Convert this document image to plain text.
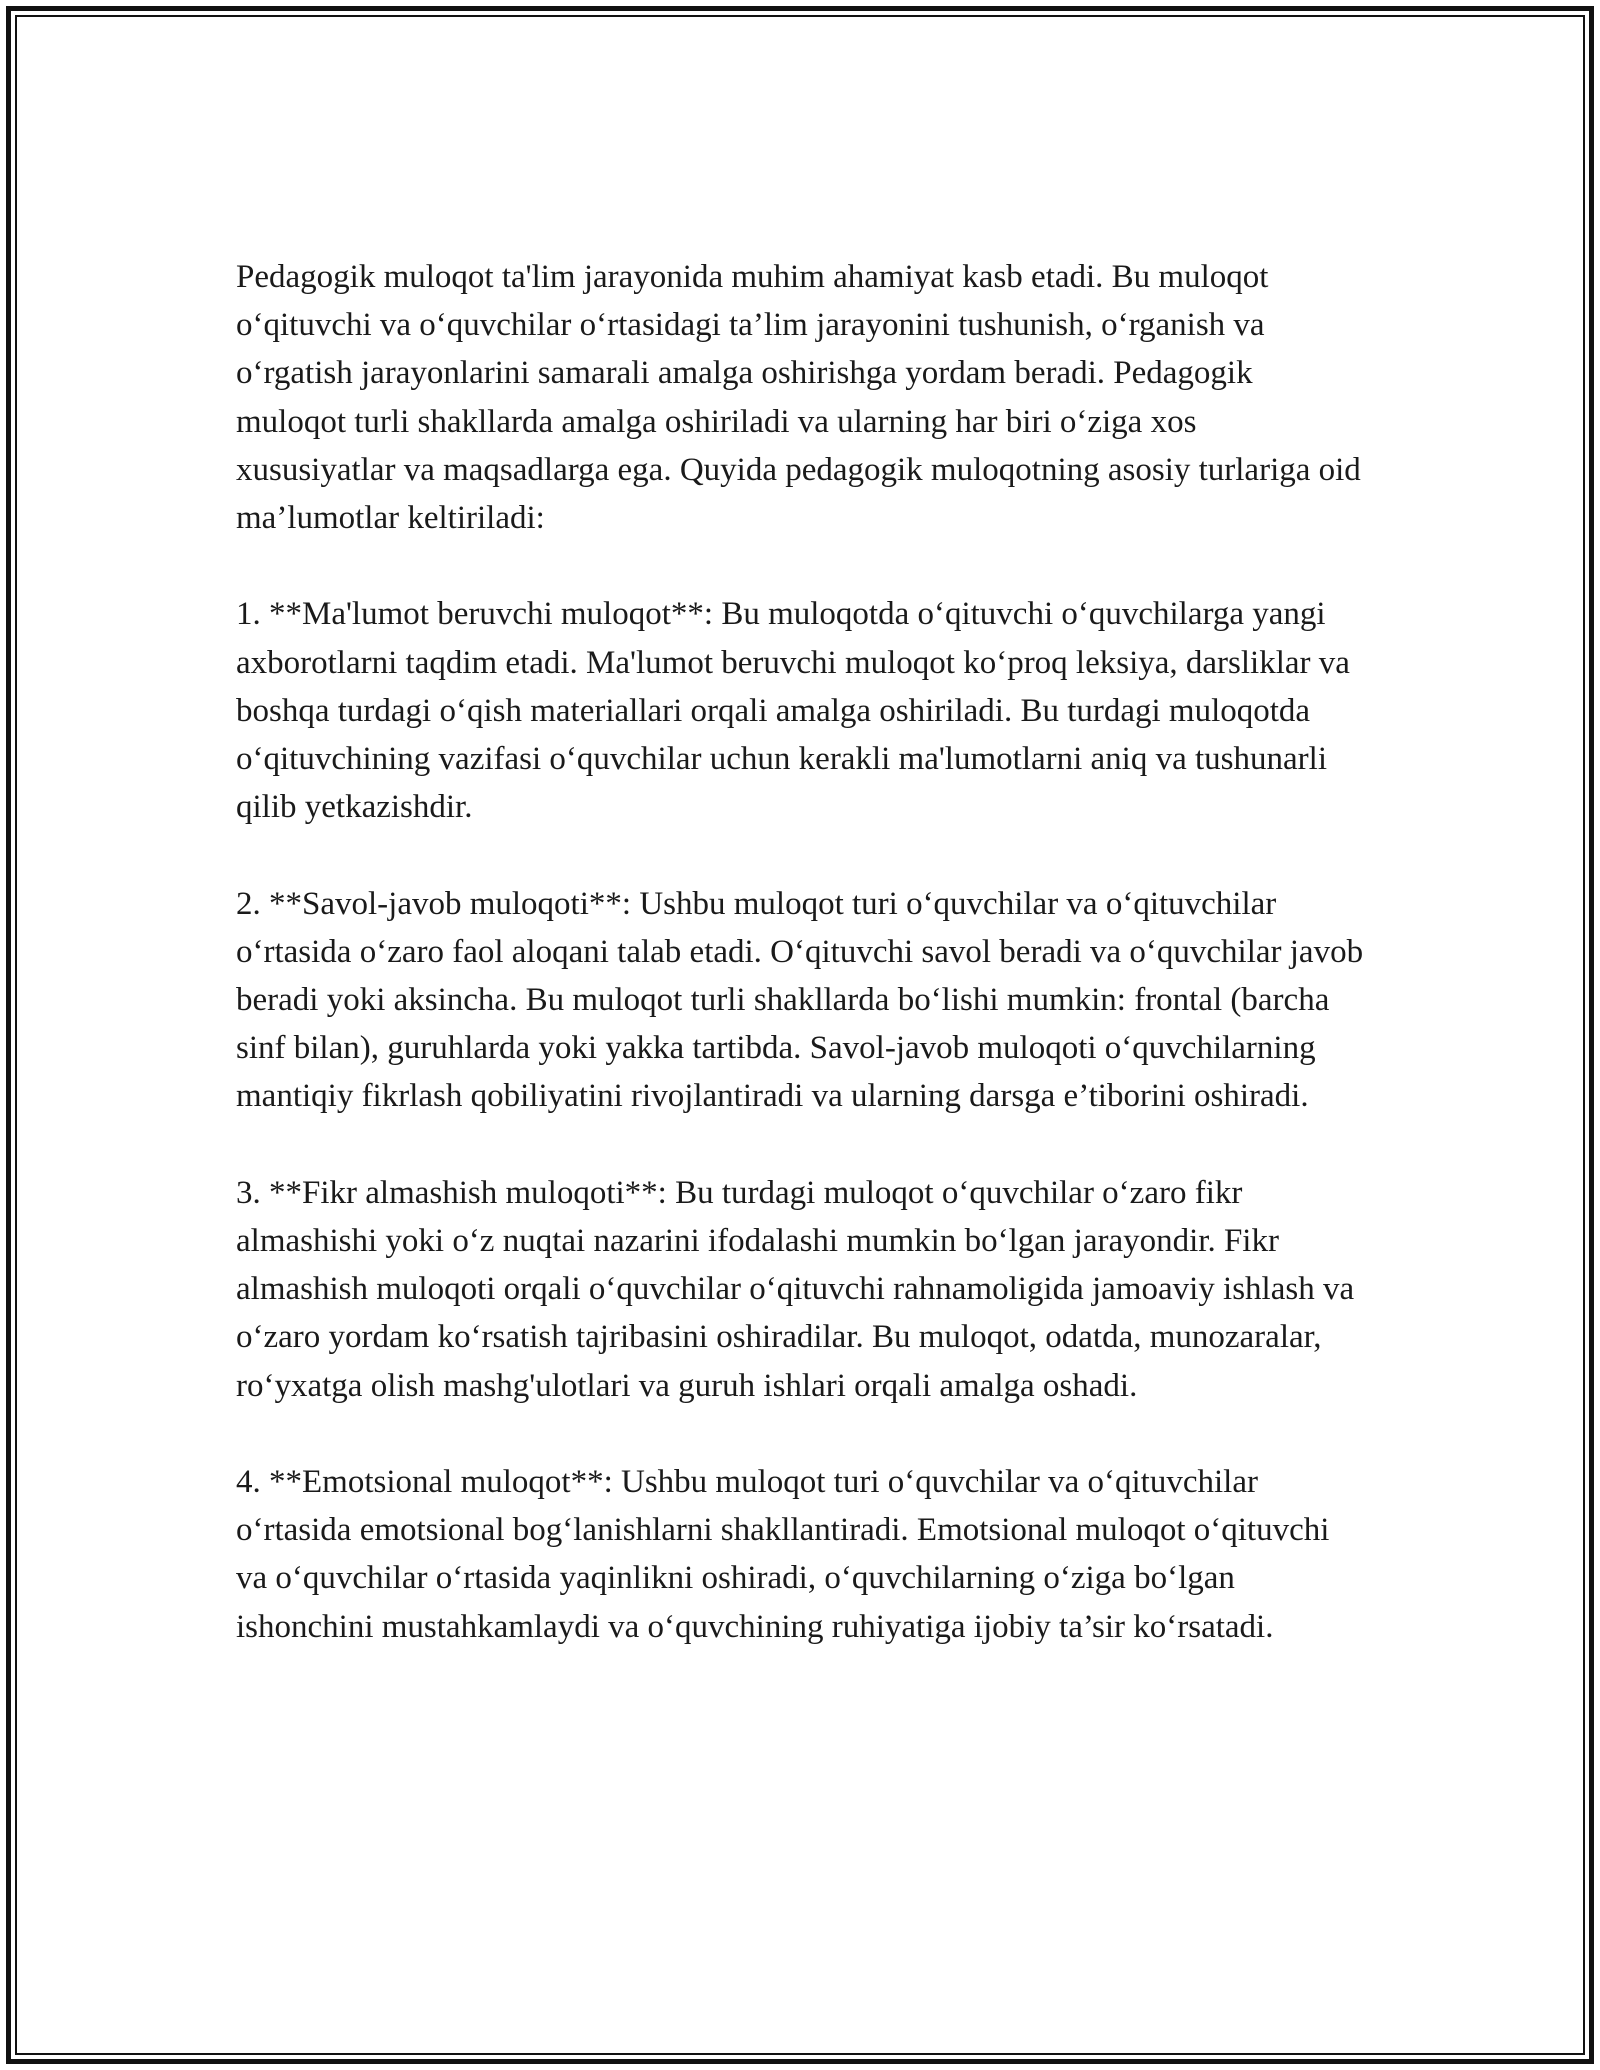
Pedagogik muloqot ta'lim jarayonida muhim ahamiyat kasb etadi. Bu muloqot o‘qituvchi va o‘quvchilar o‘rtasidagi ta’lim jarayonini tushunish, o‘rganish va o‘rgatish jarayonlarini samarali amalga oshirishga yordam beradi. Pedagogik muloqot turli shakllarda amalga oshiriladi va ularning har biri o‘ziga xos xususiyatlar va maqsadlarga ega. Quyida pedagogik muloqotning asosiy turlariga oid ma’lumotlar keltiriladi:

1. **Ma'lumot beruvchi muloqot**: Bu muloqotda o‘qituvchi o‘quvchilarga yangi axborotlarni taqdim etadi. Ma'lumot beruvchi muloqot ko‘proq leksiya, darsliklar va boshqa turdagi o‘qish materiallari orqali amalga oshiriladi. Bu turdagi muloqotda o‘qituvchining vazifasi o‘quvchilar uchun kerakli ma'lumotlarni aniq va tushunarli qilib yetkazishdir.

2. **Savol-javob muloqoti**: Ushbu muloqot turi o‘quvchilar va o‘qituvchilar o‘rtasida o‘zaro faol aloqani talab etadi. O‘qituvchi savol beradi va o‘quvchilar javob beradi yoki aksincha. Bu muloqot turli shakllarda bo‘lishi mumkin: frontal (barcha sinf bilan), guruhlarda yoki yakka tartibda. Savol-javob muloqoti o‘quvchilarning mantiqiy fikrlash qobiliyatini rivojlantiradi va ularning darsga e’tiborini oshiradi.

3. **Fikr almashish muloqoti**: Bu turdagi muloqot o‘quvchilar o‘zaro fikr almashishi yoki o‘z nuqtai nazarini ifodalashi mumkin bo‘lgan jarayondir. Fikr almashish muloqoti orqali o‘quvchilar o‘qituvchi rahnamoligida jamoaviy ishlash va o‘zaro yordam ko‘rsatish tajribasini oshiradilar. Bu muloqot, odatda, munozaralar, ro‘yxatga olish mashg'ulotlari va guruh ishlari orqali amalga oshadi.

4. **Emotsional muloqot**: Ushbu muloqot turi o‘quvchilar va o‘qituvchilar o‘rtasida emotsional bog‘lanishlarni shakllantiradi. Emotsional muloqot o‘qituvchi va o‘quvchilar o‘rtasida yaqinlikni oshiradi, o‘quvchilarning o‘ziga bo‘lgan ishonchini mustahkamlaydi va o‘quvchining ruhiyatiga ijobiy ta’sir ko‘rsatadi.
